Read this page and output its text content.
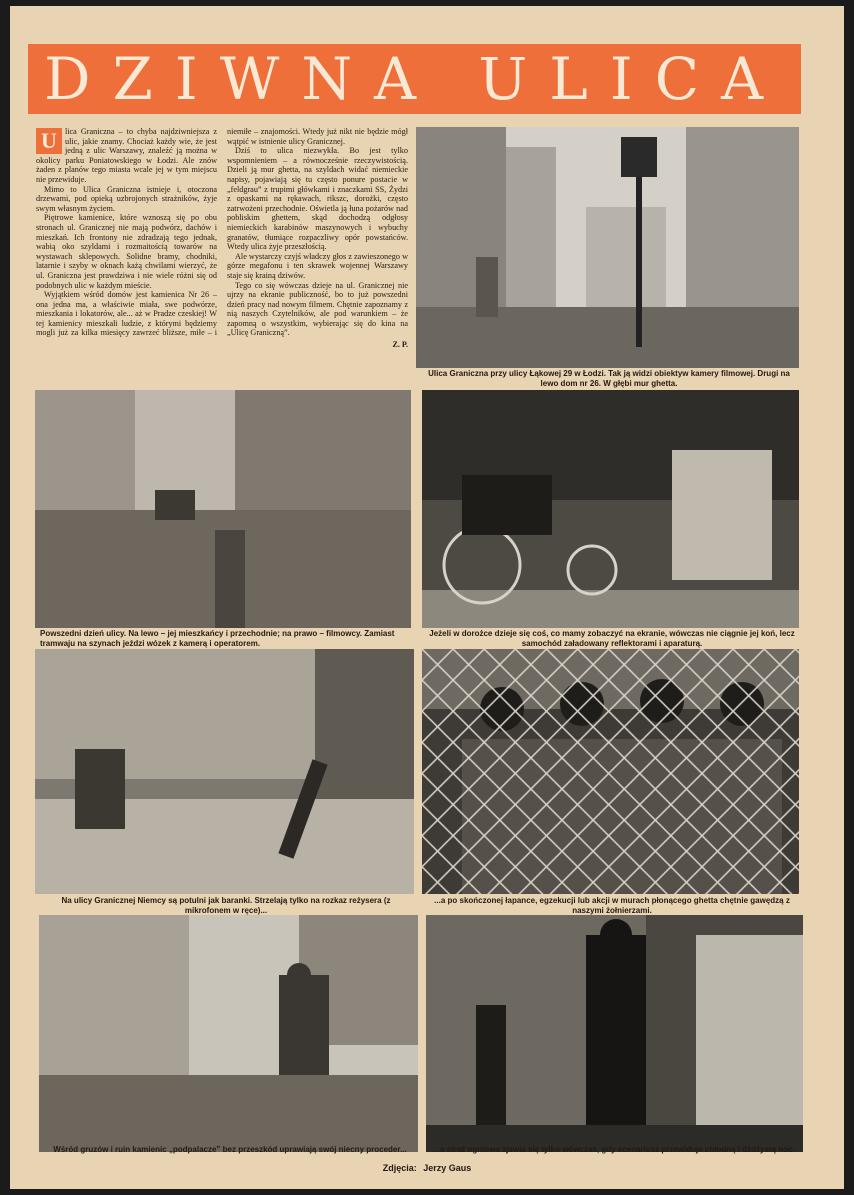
DZIWNA ULICA

U lica Graniczna – to chyba najdziwniejsza z ulic, jakie znamy. Chociaż każdy wie, że jest jedną z ulic Warszawy, znaleźć ją można w okolicy parku Poniatowskiego w Łodzi. Ale znów żaden z planów tego miasta wcale jej w tym miejscu nie przewiduje.

Mimo to Ulica Graniczna istnieje i, otoczona drzewami, pod opieką uzbrojonych strażników, żyje swym własnym życiem.

Piętrowe kamienice, które wznoszą się po obu stronach ul. Granicznej nie mają podwórz, dachów i mieszkań. Ich frontony nie zdradzają tego jednak, wabią oko szyldami i rozmaitością towarów na wystawach sklepowych. Solidne bramy, chodniki, latarnie i szyby w oknach każą chwilami wierzyć, że ul. Graniczna jest prawdziwa i nie wiele różni się od podobnych ulic w każdym mieście.

Wyjątkiem wśród domów jest kamienica Nr 26 – ona jedna ma, a właściwie miała, swe podwórze, mieszkania i lokatorów, ale... aż w Pradze czeskiej! W tej kamienicy mieszkali ludzie, z którymi będziemy mogli już za kilka miesięcy zawrzeć bliższe, miłe – i niemiłe – znajomości. Wtedy już nikt nie będzie mógł wątpić w istnienie ulicy Granicznej.

Dziś to ulica niezwykła. Bo jest tylko wspomnieniem – a równocześnie rzeczywistością. Dzieli ją mur ghetta, na szyldach widać niemieckie napisy, pojawiają się tu często ponure postacie w „feldgrau” z trupimi główkami i znaczkami SS, Żydzi z opaskami na rękawach, rikszc, dorożki, często zatrwożeni przechodnie. Oświetla ją łuna pożarów nad pobliskim ghettem, skąd dochodzą odgłosy niemieckich karabinów maszynowych i wybuchy granatów, tłumiące rozpaczliwy opór powstańców. Wtedy ulica żyje przeszłością.

Ale wystarczy czyjś władczy głos z zawieszonego w górze megafonu i ten skrawek wojennej Warszawy staje się krainą dziwów.

Tego co się wówczas dzieje na ul. Granicznej nie ujrzy na ekranie publiczność, bo to już powszedni dzień pracy nad nowym filmem. Chętnie zapoznamy z nią naszych Czytelników, ale pod warunkiem – że zapomną o wszystkim, wybierając się do kina na „Ulicę Graniczną”.

Z. P.
Ulica Graniczna przy ulicy Łąkowej 29 w Łodzi. Tak ją widzi obiektyw kamery filmowej. Drugi na lewo dom nr 26. W głębi mur ghetta.
Powszedni dzień ulicy. Na lewo – jej mieszkańcy i przechodnie; na prawo – filmowcy. Zamiast tramwaju na szynach jeździ wózek z kamerą i operatorem.
Jeżeli w dorożce dzieje się coś, co mamy zobaczyć na ekranie, wówczas nie ciągnie jej koń, lecz samochód załadowany reflektorami i aparaturą.
Na ulicy Granicznej Niemcy są potulni jak baranki. Strzelają tylko na rozkaz reżysera (z mikrofonem w ręce)...
...a po skończonej łapance, egzekucji lub akcji w murach płonącego ghetta chętnie gawędzą z naszymi żołnierzami.
Wśród gruzów i ruin kamienic „podpalacze” bez przeszkód uprawiają swój niecny proceder...	...a straż ogniowa zjawia się tylko wówczas, gdy scenariusz przewiduje chłodną i dżdżystą noc.
Zdjęcia: Jerzy Gaus
